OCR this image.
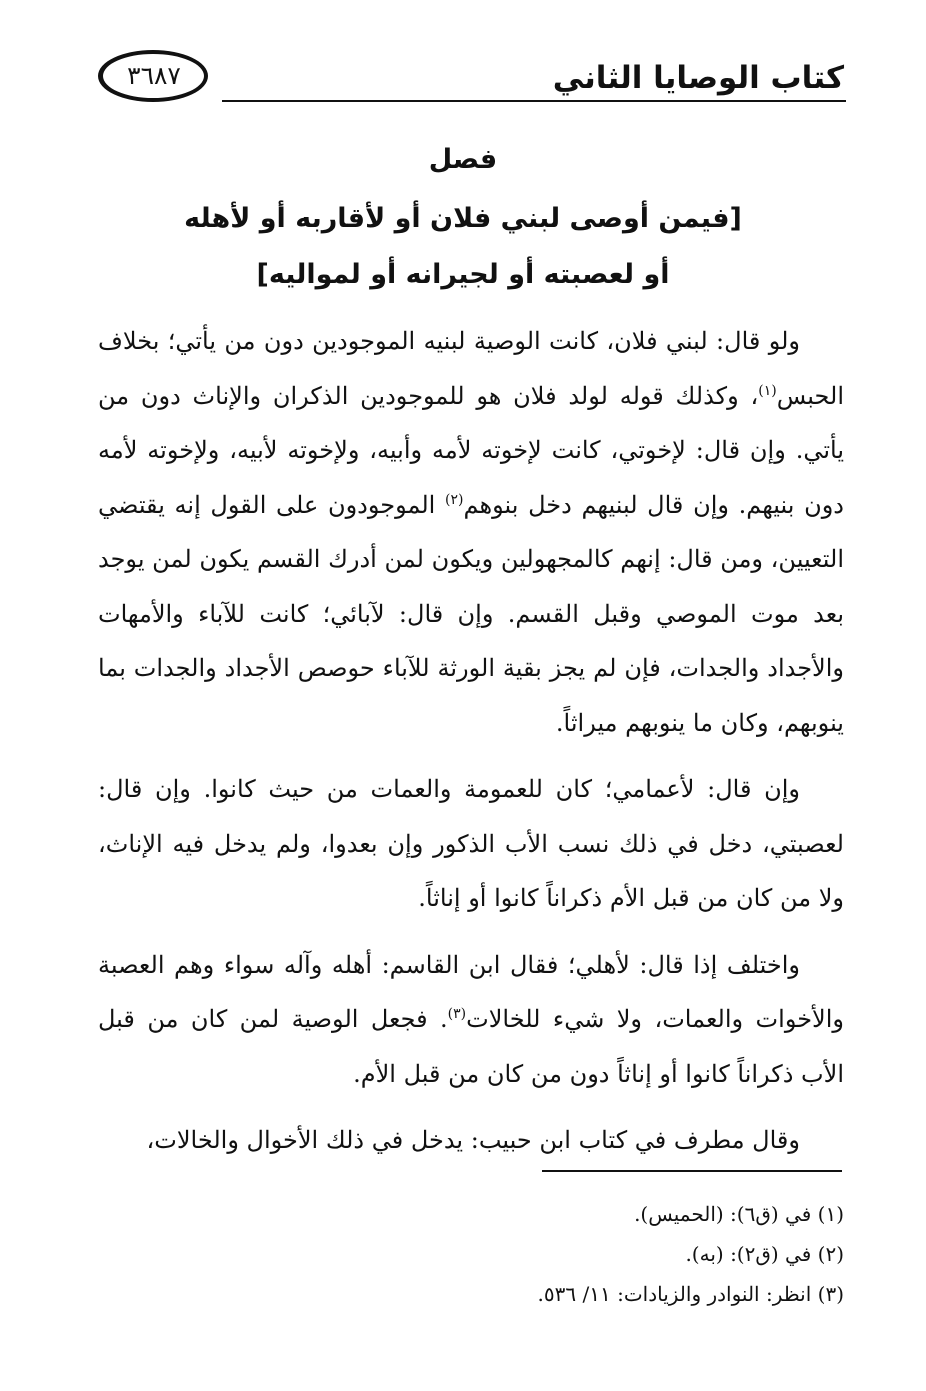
كتاب الوصايا الثاني
٣٦٨٧
فصل
[فيمن أوصى لبني فلان أو لأقاربه أو لأهله
أو لعصبته أو لجيرانه أو لمواليه]

ولو قال: لبني فلان، كانت الوصية لبنيه الموجودين دون من يأتي؛ بخلاف الحبس$^{(١)}$، وكذلك قوله لولد فلان هو للموجودين الذكران والإناث دون من يأتي. وإن قال: لإخوتي، كانت لإخوته لأمه وأبيه، ولإخوته لأبيه، ولإخوته لأمه دون بنيهم. وإن قال لبنيهم دخل بنوهم$^{(٢)}$ الموجودون على القول إنه يقتضي التعيين، ومن قال: إنهم كالمجهولين ويكون لمن أدرك القسم يكون لمن يوجد بعد موت الموصي وقبل القسم. وإن قال: لآبائي؛ كانت للآباء والأمهات والأجداد والجدات، فإن لم يجز بقية الورثة للآباء حوصص الأجداد والجدات بما ينوبهم، وكان ما ينوبهم ميراثاً.

وإن قال: لأعمامي؛ كان للعمومة والعمات من حيث كانوا. وإن قال: لعصبتي، دخل في ذلك نسب الأب الذكور وإن بعدوا، ولم يدخل فيه الإناث، ولا من كان من قبل الأم ذكراناً كانوا أو إناثاً.

واختلف إذا قال: لأهلي؛ فقال ابن القاسم: أهله وآله سواء وهم العصبة والأخوات والعمات، ولا شيء للخالات$^{(٣)}$. فجعل الوصية لمن كان من قبل الأب ذكراناً كانوا أو إناثاً دون من كان من قبل الأم.

وقال مطرف في كتاب ابن حبيب: يدخل في ذلك الأخوال والخالات،

(١) في (ق٦): (الحميس).

(٢) في (ق٢): (به).

(٣) انظر: النوادر والزيادات: ١١/ ٥٣٦.
